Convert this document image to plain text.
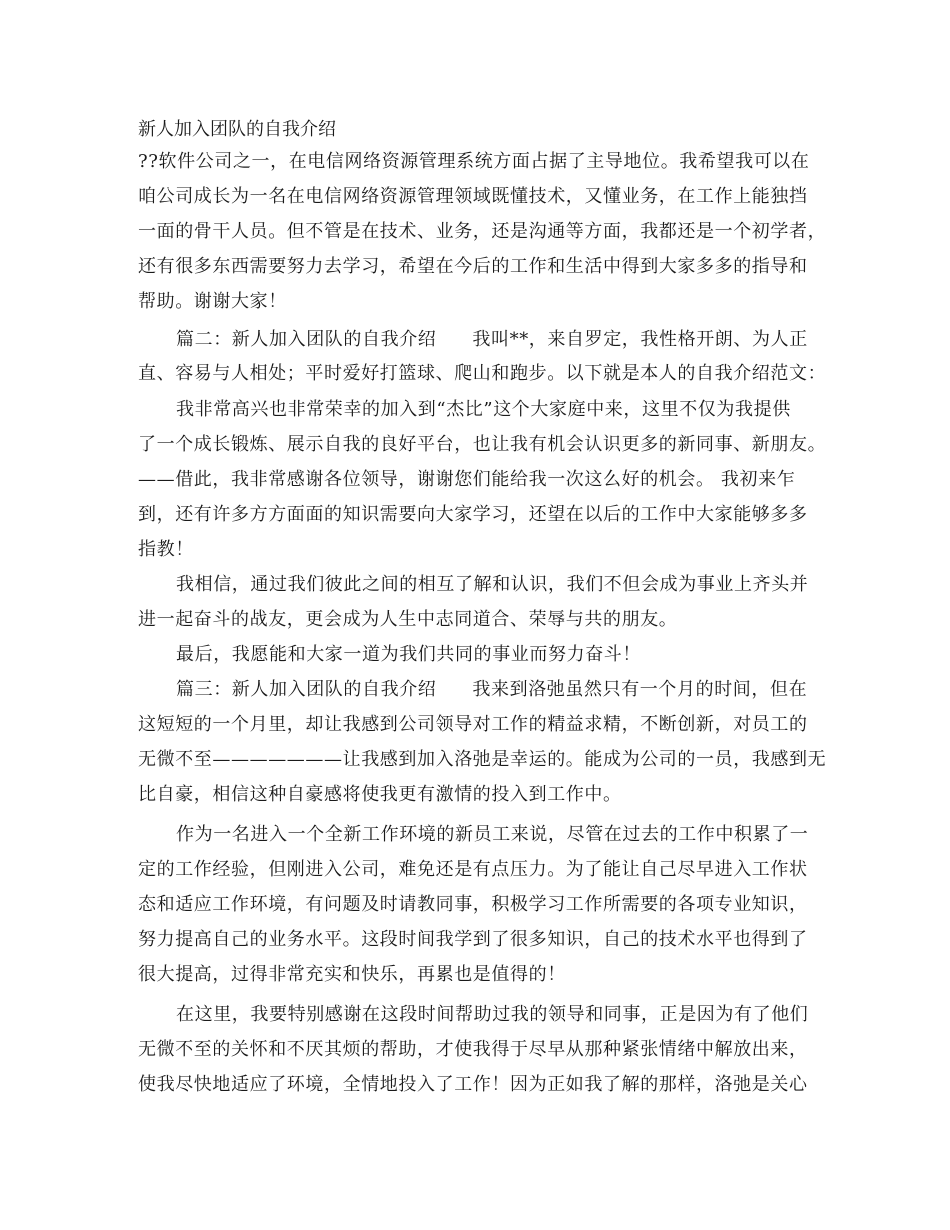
新人加入团队的自我介绍
??软件公司之一，在电信网络资源管理系统方面占据了主导地位。我希望我可以在
咱公司成长为一名在电信网络资源管理领域既懂技术，又懂业务，在工作上能独挡
一面的骨干人员。但不管是在技术、业务，还是沟通等方面，我都还是一个初学者，
还有很多东西需要努力去学习，希望在今后的工作和生活中得到大家多多的指导和
帮助。谢谢大家！
篇二：新人加入团队的自我介绍 我叫**，来自罗定，我性格开朗、为人正
直、容易与人相处；平时爱好打篮球、爬山和跑步。以下就是本人的自我介绍范文：
我非常高兴也非常荣幸的加入到“杰比”这个大家庭中来，这里不仅为我提供
了一个成长锻炼、展示自我的良好平台，也让我有机会认识更多的新同事、新朋友。
——借此，我非常感谢各位领导，谢谢您们能给我一次这么好的机会。 我初来乍
到，还有许多方方面面的知识需要向大家学习，还望在以后的工作中大家能够多多
指教！
我相信，通过我们彼此之间的相互了解和认识，我们不但会成为事业上齐头并
进一起奋斗的战友，更会成为人生中志同道合、荣辱与共的朋友。
最后，我愿能和大家一道为我们共同的事业而努力奋斗！
篇三：新人加入团队的自我介绍 我来到洛弛虽然只有一个月的时间，但在
这短短的一个月里，却让我感到公司领导对工作的精益求精，不断创新，对员工的
无微不至———————让我感到加入洛弛是幸运的。能成为公司的一员，我感到无
比自豪，相信这种自豪感将使我更有激情的投入到工作中。
作为一名进入一个全新工作环境的新员工来说，尽管在过去的工作中积累了一
定的工作经验，但刚进入公司，难免还是有点压力。为了能让自己尽早进入工作状
态和适应工作环境，有问题及时请教同事，积极学习工作所需要的各项专业知识，
努力提高自己的业务水平。这段时间我学到了很多知识，自己的技术水平也得到了
很大提高，过得非常充实和快乐，再累也是值得的！
在这里，我要特别感谢在这段时间帮助过我的领导和同事，正是因为有了他们
无微不至的关怀和不厌其烦的帮助，才使我得于尽早从那种紧张情绪中解放出来，
使我尽快地适应了环境，全情地投入了工作！因为正如我了解的那样，洛弛是关心
